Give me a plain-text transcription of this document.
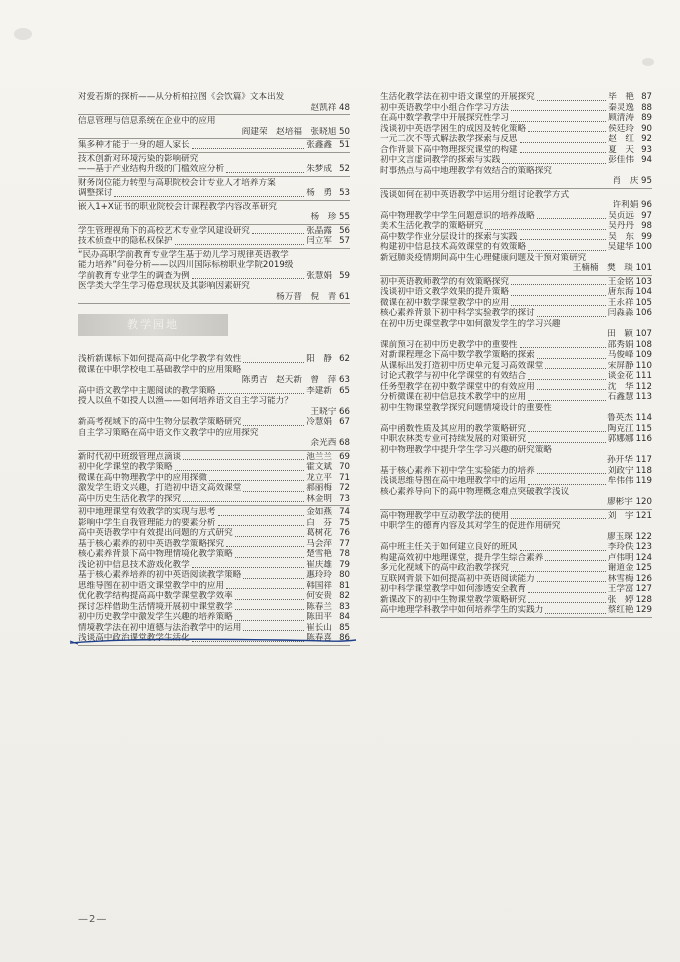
对爱若斯的探析——从分析柏拉图《会饮篇》文本出发
赵凯祥 48
信息管理与信息系统在企业中的应用
阎建荣　赵培福　张晓旭 50
集多种才能于一身的超人家长	张鑫鑫 51
技术创新对环境污染的影响研究
——基于产业结构升级的门槛效应分析	朱梦成 52
财务岗位能力转型与高职院校会计专业人才培养方案
调整探讨	杨　勇 53
嵌入1+X证书的职业院校会计课程教学内容改革研究
杨　珍 55
学生管理视角下的高校艺术专业学风建设研究	张晶露 56
技术侦查中的隐私权保护	闫立军 57
“民办高职学前教育专业学生基于幼儿学习规律英语教学
能力培养”问卷分析——以四川国际标榜职业学院2019级
学前教育专业学生的调查为例	张慧娟 59
医学类大学生学习倦怠现状及其影响因素研究
杨万晋　倪　青 61
教学园地
浅析新课标下如何提高高中化学教学有效性	阳　静 62
微课在中职学校电工基础教学中的应用策略
陈勇吉　赵天新　曾　萍 63
高中语文教学中主题阅读的教学策略	李建新 65
授人以鱼不如授人以渔——如何培养语文自主学习能力？
王晓宁 66
新高考视域下的高中生物分层教学策略研究	冷慧娟 67
自主学习策略在高中语文作文教学中的应用探究
余光西 68
新时代初中班级管理点滴谈	池兰兰 69
初中化学课堂的教学策略	霍文斌 70
微课在高中物理教学中的应用探微	龙立平 71
激发学生语文兴趣，打造初中语文高效课堂	郝丽梅 72
高中历史生活化教学的探究	林金明 73
初中地理课堂有效教学的实现与思考	金如燕 74
影响中学生自我管理能力的要素分析	白　芬 75
高中英语教学中有效提出问题的方式研究	葛树花 76
基于核心素养的初中英语教学策略探究	马会萍 77
核心素养背景下高中物理情境化教学策略	楚雪艳 78
浅论初中信息技术游戏化教学	崔庆雄 79
基于核心素养培养的初中英语阅读教学策略	惠玲玲 80
思维导图在初中语文课堂教学中的应用	韩国祥 81
优化教学结构提高高中数学课堂教学效率	何安贵 82
探讨怎样借助生活情境开展初中课堂教学	陈春兰 83
初中历史教学中激发学生兴趣的培养策略	陈田平 84
情境教学法在初中道德与法治教学中的运用	崔长山 85
浅谈高中政治课堂教学生活化	陈春喜 86
生活化教学法在初中语文课堂的开展探究	毕　艳 87
初中英语教学中小组合作学习方法	秦灵逸 88
在高中数学教学中开展探究性学习	顾清涛 89
浅谈初中英语学困生的成因及转化策略	侯廷玲 90
一元二次不等式解法教学探索与反思	赵　红 92
合作背景下高中物理探究课堂的构建	夏　天 93
初中文言虚词教学的探索与实践	彭佳伟 94
时事热点与高中地理教学有效结合的策略探究
肖　庆 95
浅谈如何在初中英语教学中运用分组讨论教学方式
许利娟 96
高中物理教学中学生问题意识的培养战略	吴贞远 97
美术生活化教学的策略研究	吴丹丹 98
高中数学作业分层设计的探索与实践	吴　东 99
构建初中信息技术高效课堂的有效策略	吴建华 100
新冠肺炎疫情期间高中生心理健康问题及干预对策研究
王楠楠　樊　琰 101
初中英语教师教学的有效策略探究	王金铭 103
浅谈初中语文教学效果的提升策略	唐东海 104
微课在初中数学课堂教学中的应用	王永祥 105
核心素养背景下初中科学实验教学的探讨	闫淼淼 106
在初中历史课堂教学中如何激发学生的学习兴趣
田　颖 107
课前预习在初中历史教学中的重要性	邵秀娟 108
对新课程理念下高中数学教学策略的探索	马俊峰 109
从课标出发打造初中历史单元复习高效课堂	宋屏静 110
讨论式教学与初中化学课堂的有效结合	谈金花 111
任务型教学在初中数学课堂中的有效应用	沈　华 112
分析微课在初中信息技术教学中的应用	石鑫慧 113
初中生物课堂教学探究问题情境设计的重要性
鲁英杰 114
高中函数性质及其应用的教学策略研究	陶克江 115
中职农林类专业可持续发展的对策研究	郭娜娜 116
初中物理教学中提升学生学习兴趣的研究策略
孙开华 117
基于核心素养下初中学生实验能力的培养	刘政宁 118
浅谈思维导图在高中地理教学中的运用	牟伟伟 119
核心素养导向下的高中物理概念难点突破教学浅议
廖彬宇 120
高中物理教学中互动教学法的使用	刘　宇 121
中职学生的德育内容及其对学生的促进作用研究
廖玉琛 122
高中班主任关于如何建立良好的班风	李玲佚 123
构建高效初中地理课堂，提升学生综合素养	卢伟明 124
多元化视域下的高中政治教学探究	谢道金 125
互联网背景下如何提高初中英语阅读能力	林雪梅 126
初中科学课堂教学中如何渗透安全教育	王学富 127
新课改下的初中生物课堂教学策略研究	张　婷 128
高中地理学科教学中如何培养学生的实践力	蔡红艳 129
—2—
